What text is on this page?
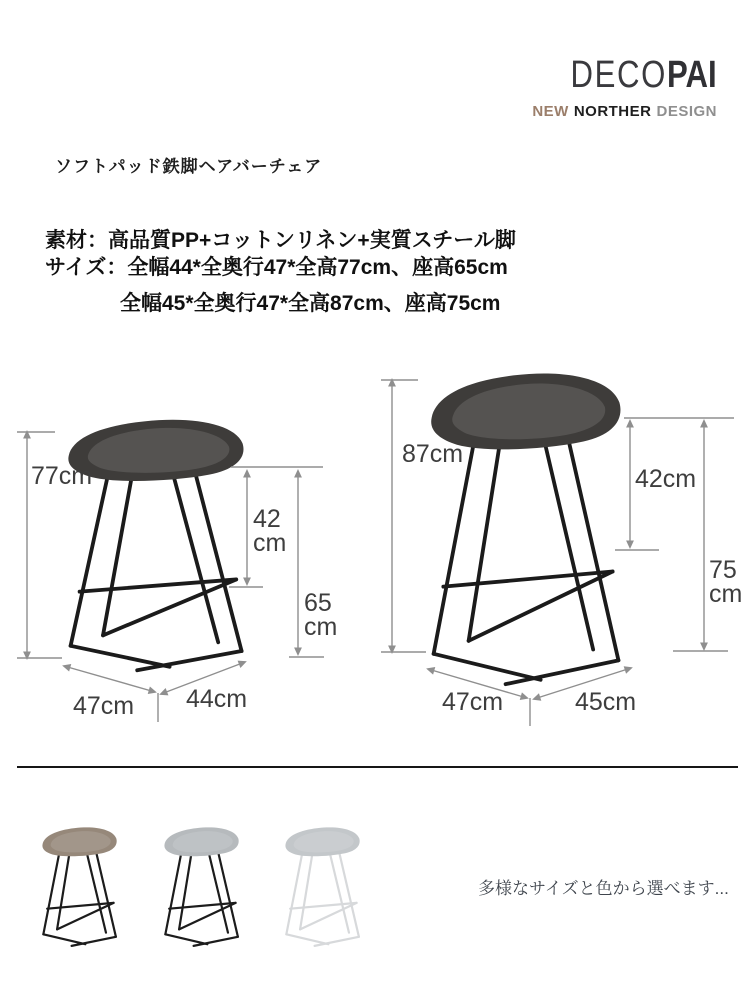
DECOPAI
NEW NORTHER DESIGN
ソフトパッド鉄脚ヘアバーチェア

素材：高品質PP+コットンリネン+実質スチール脚

サイズ：全幅44*全奥行47*全高77cm、座高65cm

全幅45*全奥行47*全高87cm、座高75cm

77cm
42
cm
65
cm
47cm 44cm
87cm
42cm
75
cm
47cm	45cm

多様なサイズと色から選べます...
